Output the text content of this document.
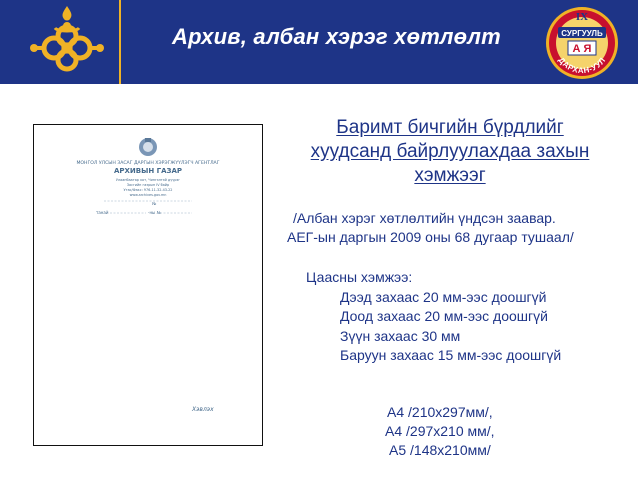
Архив, албан хэрэг хөтлөлт
IX
СУРГУУЛЬ
А Я
ДАРХАН-УУЛ
МОНГОЛ УЛСЫН ЗАСАГ ДАРГЫН ХЭРЭГЖҮҮЛЭГЧ АГЕНТЛАГ
АРХИВЫН ГАЗАР
Улаанбаатар хот, Чингэлтэй дүүрэг
Засгийн газрын IV байр
Утас/Факс: 976-11-32-43-22
www.archives.gov.mn
№
танай	-ны №
Хэвлэх
Баримт бичгийн бүрдлийг
хуудсанд байрлуулахдаа захын
хэмжээг

/Албан хэрэг хөтлөлтийн үндсэн заавар.
АЕГ-ын даргын 2009 оны 68 дугаар тушаал/

Цаасны хэмжээ:
Дээд захаас 20 мм-ээс доошгүй
Доод захаас 20 мм-ээс доошгүй
Зүүн захаас 30 мм
Баруун захаас 15 мм-ээс доошгүй
А4 /210х297мм/,
А4 /297х210 мм/,
А5 /148х210мм/
